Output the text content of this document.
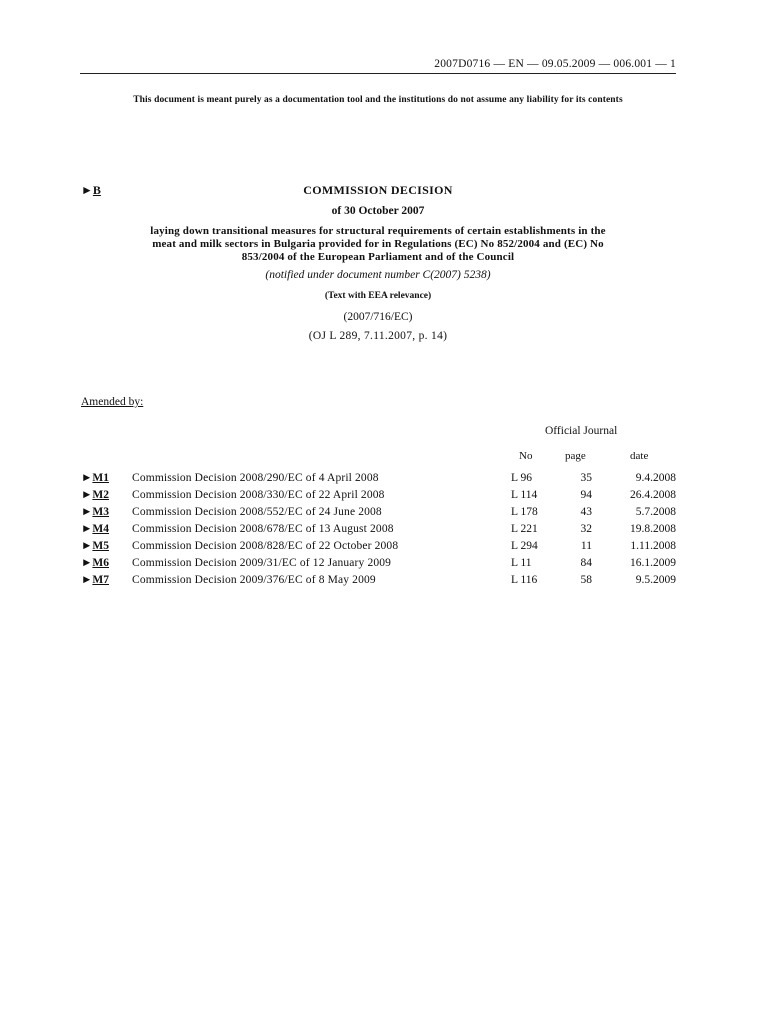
2007D0716 — EN — 09.05.2009 — 006.001 — 1
This document is meant purely as a documentation tool and the institutions do not assume any liability for its contents
►B	COMMISSION DECISION
of 30 October 2007
laying down transitional measures for structural requirements of certain establishments in the
meat and milk sectors in Bulgaria provided for in Regulations (EC) No 852/2004 and (EC) No
853/2004 of the European Parliament and of the Council
(notified under document number C(2007) 5238)
(Text with EEA relevance)
(2007/716/EC)
(OJ L 289, 7.11.2007, p. 14)
Amended by:
Official Journal
No	page	date
►M1 Commission Decision 2008/290/EC of 4 April 2008	L 96	35	9.4.2008
►M2 Commission Decision 2008/330/EC of 22 April 2008	L 114	94	26.4.2008
►M3 Commission Decision 2008/552/EC of 24 June 2008	L 178	43	5.7.2008
►M4 Commission Decision 2008/678/EC of 13 August 2008	L 221	32	19.8.2008
►M5 Commission Decision 2008/828/EC of 22 October 2008	L 294	11	1.11.2008
►M6 Commission Decision 2009/31/EC of 12 January 2009	L 11	84	16.1.2009
►M7 Commission Decision 2009/376/EC of 8 May 2009	L 116	58	9.5.2009
